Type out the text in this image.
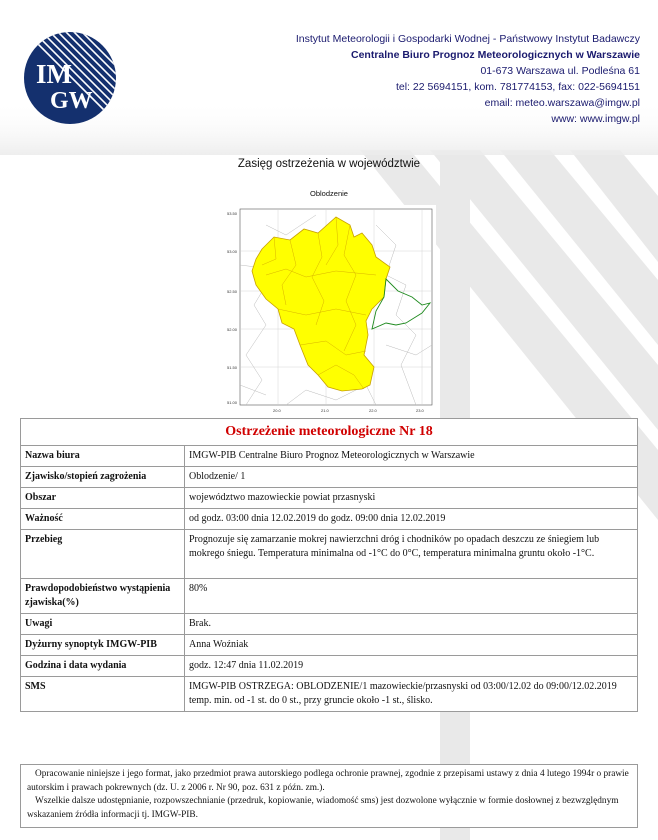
IM
GW
Instytut Meteorologii i Gospodarki Wodnej - Państwowy Instytut Badawczy
Centralne Biuro Prognoz Meteorologicznych w Warszawie
01-673 Warszawa ul. Podleśna 61
tel: 22 5694151, kom. 781774153, fax: 022-5694151
email: meteo.warszawa@imgw.pl
www: www.imgw.pl
Zasięg ostrzeżenia w województwie
Oblodzenie
53.50
53.00
52.50
52.00
51.50
51.00
20.0	21.0	22.0	23.0
Ostrzeżenie meteorologiczne Nr 18	
Nazwa biura	IMGW-PIB Centralne Biuro Prognoz Meteorologicznych w Warszawie
Zjawisko/stopień zagrożenia	Oblodzenie/ 1
Obszar	województwo mazowieckie powiat przasnyski
Ważność	od godz. 03:00 dnia 12.02.2019 do godz. 09:00 dnia 12.02.2019
Przebieg	Prognozuje się zamarzanie mokrej nawierzchni dróg i chodników po opadach deszczu ze śniegiem lub mokrego śniegu. Temperatura minimalna od -1°C do 0°C, temperatura minimalna gruntu około -1°C.
Prawdopodobieństwo wystąpienia zjawiska(%)	80%
Uwagi	Brak.
Dyżurny synoptyk IMGW-PIB	Anna Woźniak
Godzina i data wydania	godz. 12:47 dnia 11.02.2019
SMS	IMGW-PIB OSTRZEGA: OBLODZENIE/1 mazowieckie/przasnyski od 03:00/12.02 do 09:00/12.02.2019 temp. min. od -1 st. do 0 st., przy gruncie około -1 st., ślisko.

Opracowanie niniejsze i jego format, jako przedmiot prawa autorskiego podlega ochronie prawnej, zgodnie z przepisami ustawy z dnia 4 lutego 1994r o prawie autorskim i prawach pokrewnych (dz. U. z 2006 r. Nr 90, poz. 631 z późn. zm.).

Wszelkie dalsze udostępnianie, rozpowszechnianie (przedruk, kopiowanie, wiadomość sms) jest dozwolone wyłącznie w formie dosłownej z bezwzględnym wskazaniem źródła informacji tj. IMGW-PIB.
